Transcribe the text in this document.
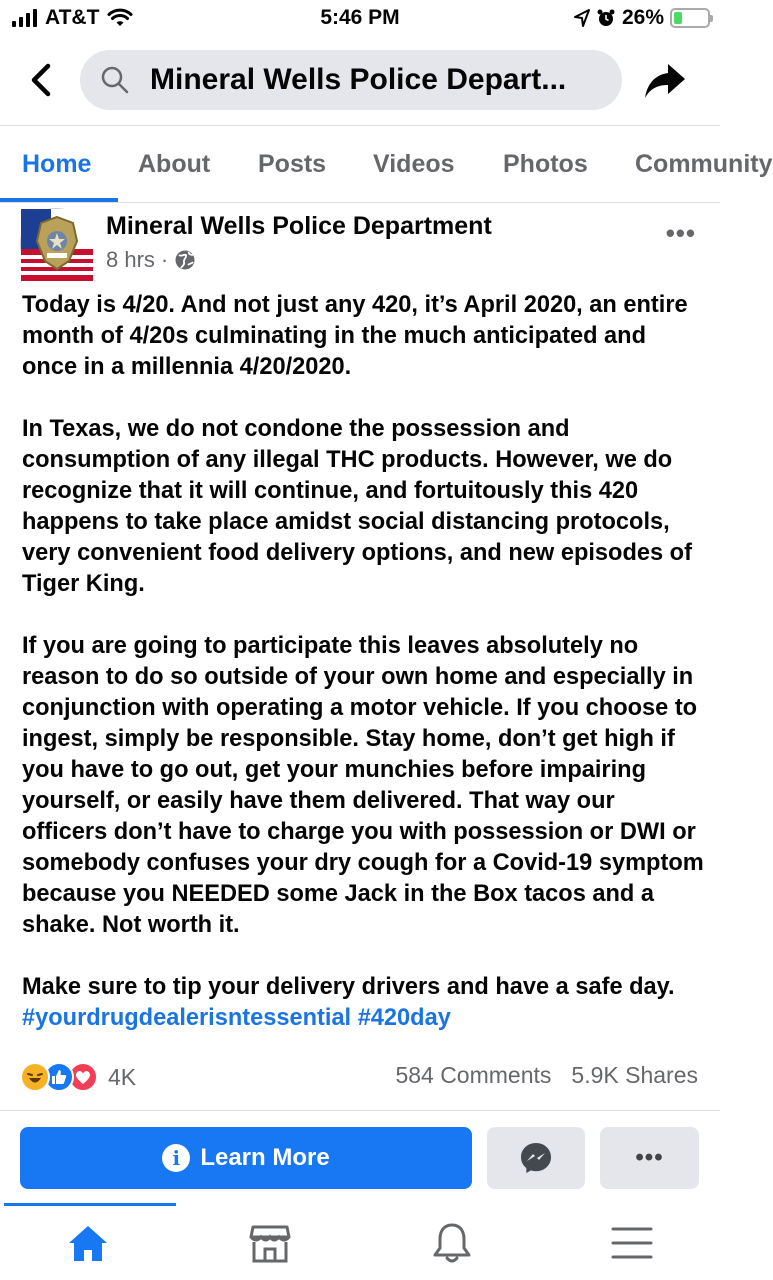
AT&T	5:46 PM	26%
Mineral Wells Police Depart...
Home About Posts Videos Photos Community
Mineral Wells Police Department
8 hrs ·
•••

Today is 4/20. And not just any 420, it’s April 2020, an entire month of 4/20s culminating in the much anticipated and once in a millennia 4/20/2020.

In Texas, we do not condone the possession and consumption of any illegal THC products. However, we do recognize that it will continue, and fortuitously this 420 happens to take place amidst social distancing protocols, very convenient food delivery options, and new episodes of Tiger King.

If you are going to participate this leaves absolutely no reason to do so outside of your own home and especially in conjunction with operating a motor vehicle. If you choose to ingest, simply be responsible. Stay home, don’t get high if you have to go out, get your munchies before impairing yourself, or easily have them delivered. That way our officers don’t have to charge you with possession or DWI or somebody confuses your dry cough for a Covid-19 symptom because you NEEDED some Jack in the Box tacos and a shake. Not worth it.

Make sure to tip your delivery drivers and have a safe day. #yourdrugdealerisntessential #420day

4K	584 Comments 5.9K Shares
i Learn More	•••
